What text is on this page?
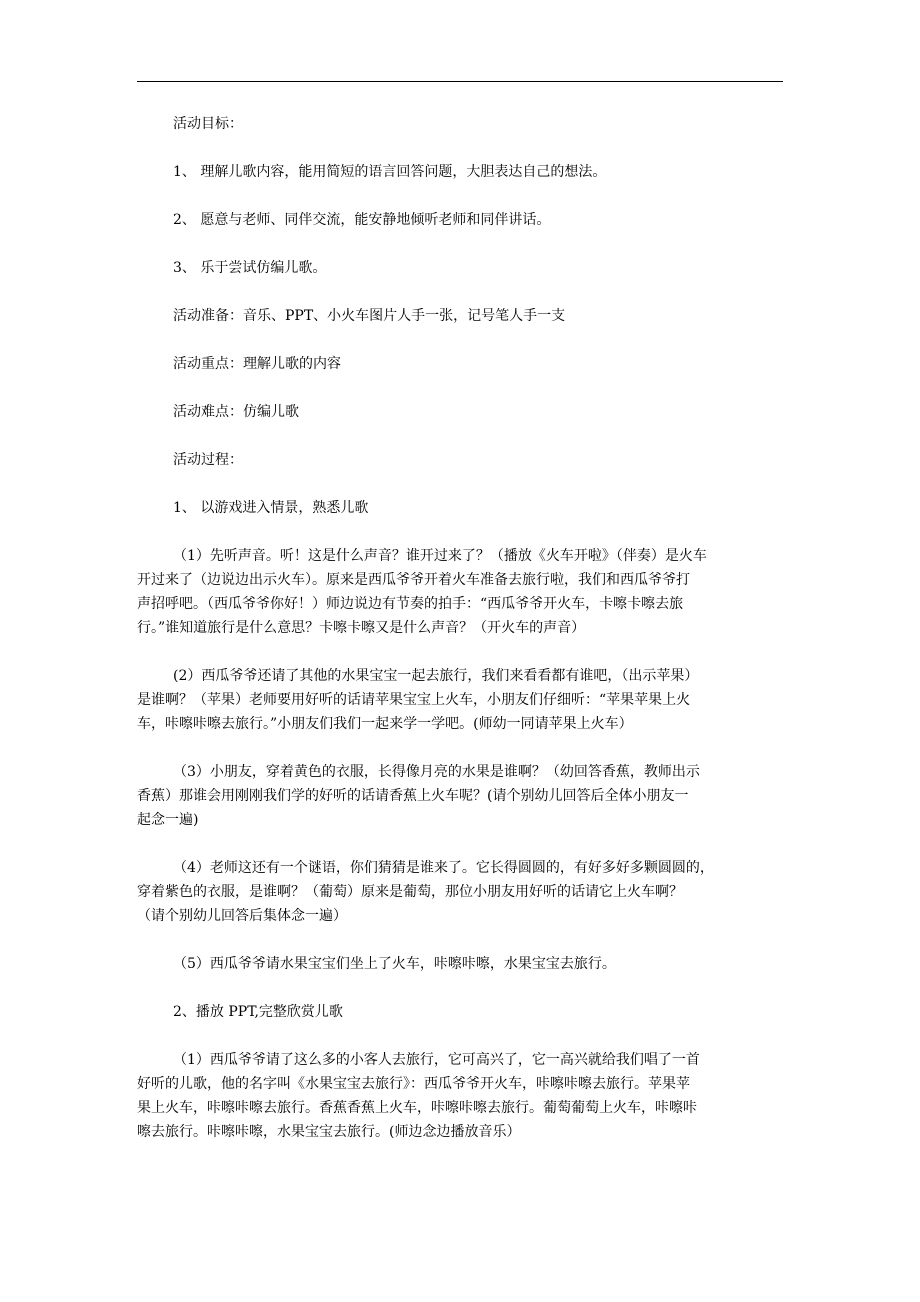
活动目标：

1、 理解儿歌内容，能用简短的语言回答问题，大胆表达自己的想法。

2、 愿意与老师、同伴交流，能安静地倾听老师和同伴讲话。

3、 乐于尝试仿编儿歌。

活动准备：音乐、PPT、小火车图片人手一张，记号笔人手一支

活动重点：理解儿歌的内容

活动难点：仿编儿歌

活动过程：

1、 以游戏进入情景，熟悉儿歌

（1）先听声音。听！这是什么声音？谁开过来了？（播放《火车开啦》（伴奏）是火车
开过来了（边说边出示火车）。原来是西瓜爷爷开着火车准备去旅行啦，我们和西瓜爷爷打
声招呼吧。（西瓜爷爷你好！）师边说边有节奏的拍手：“西瓜爷爷开火车，卡嚓卡嚓去旅
行。”谁知道旅行是什么意思？卡嚓卡嚓又是什么声音？（开火车的声音）
(2）西瓜爷爷还请了其他的水果宝宝一起去旅行，我们来看看都有谁吧，（出示苹果）
是谁啊？（苹果）老师要用好听的话请苹果宝宝上火车，小朋友们仔细听：“苹果苹果上火
车，咔嚓咔嚓去旅行。”小朋友们我们一起来学一学吧。(师幼一同请苹果上火车）
（3）小朋友，穿着黄色的衣服，长得像月亮的水果是谁啊？（幼回答香蕉，教师出示
香蕉）那谁会用刚刚我们学的好听的话请香蕉上火车呢？(请个别幼儿回答后全体小朋友一
起念一遍)
（4）老师这还有一个谜语，你们猜猜是谁来了。它长得圆圆的，有好多好多颗圆圆的，
穿着紫色的衣服，是谁啊？（葡萄）原来是葡萄，那位小朋友用好听的话请它上火车啊？
（请个别幼儿回答后集体念一遍）
（5）西瓜爷爷请水果宝宝们坐上了火车，咔嚓咔嚓，水果宝宝去旅行。

2、播放 PPT,完整欣赏儿歌

（1）西瓜爷爷请了这么多的小客人去旅行，它可高兴了，它一高兴就给我们唱了一首
好听的儿歌，他的名字叫《水果宝宝去旅行》：西瓜爷爷开火车，咔嚓咔嚓去旅行。苹果苹
果上火车，咔嚓咔嚓去旅行。香蕉香蕉上火车，咔嚓咔嚓去旅行。葡萄葡萄上火车，咔嚓咔
嚓去旅行。咔嚓咔嚓，水果宝宝去旅行。(师边念边播放音乐）
